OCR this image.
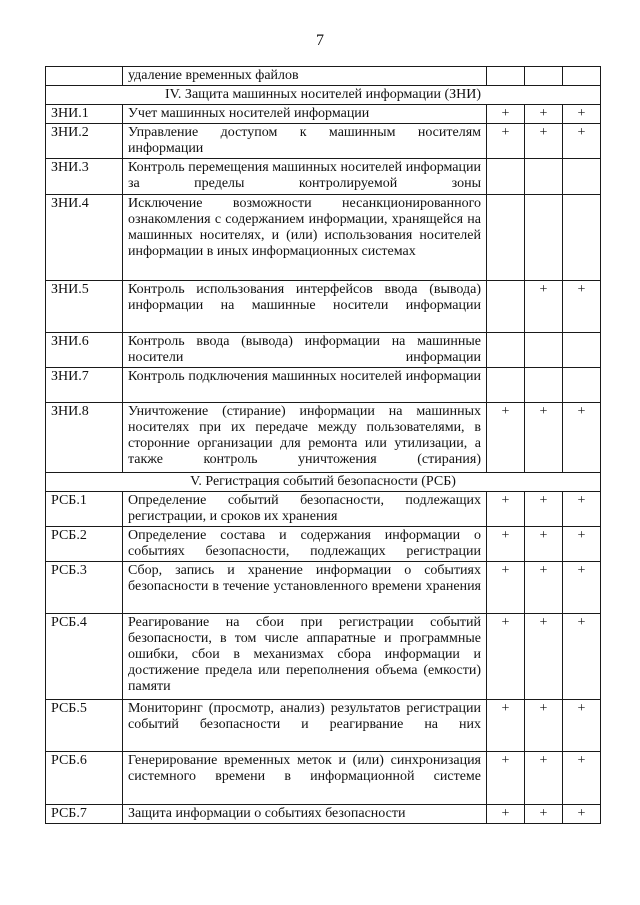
7
	удаление временных файлов			
IV. Защита машинных носителей информации (ЗНИ)				
ЗНИ.1	Учет машинных носителей информации	+	+	+
ЗНИ.2	Управление доступом к машинным носителям информации	+	+	+
ЗНИ.3	Контроль перемещения машинных носителей информации за пределы контролируемой зоны			
ЗНИ.4	Исключение возможности несанкционированного ознакомления с содержанием информации, хранящейся на машинных носителях, и (или) использования носителей информации в иных информационных системах			
ЗНИ.5	Контроль использования интерфейсов ввода (вывода) информации на машинные носители информации		+	+
ЗНИ.6	Контроль ввода (вывода) информации на машинные носители информации			
ЗНИ.7	Контроль подключения машинных носителей информации			
ЗНИ.8	Уничтожение (стирание) информации на машинных носителях при их передаче между пользователями, в сторонние организации для ремонта или утилизации, а также контроль уничтожения (стирания)	+	+	+
V. Регистрация событий безопасности (РСБ)				
РСБ.1	Определение событий безопасности, подлежащих регистрации, и сроков их хранения	+	+	+
РСБ.2	Определение состава и содержания информации о событиях безопасности, подлежащих регистрации	+	+	+
РСБ.3	Сбор, запись и хранение информации о событиях безопасности в течение установленного времени хранения	+	+	+
РСБ.4	Реагирование на сбои при регистрации событий безопасности, в том числе аппаратные и программные ошибки, сбои в механизмах сбора информации и достижение предела или переполнения объема (емкости) памяти	+	+	+
РСБ.5	Мониторинг (просмотр, анализ) результатов регистрации событий безопасности и реагирвание на них	+	+	+
РСБ.6	Генерирование временных меток и (или) синхронизация системного времени в информационной системе	+	+	+
РСБ.7	Защита информации о событиях безопасности	+	+	+
